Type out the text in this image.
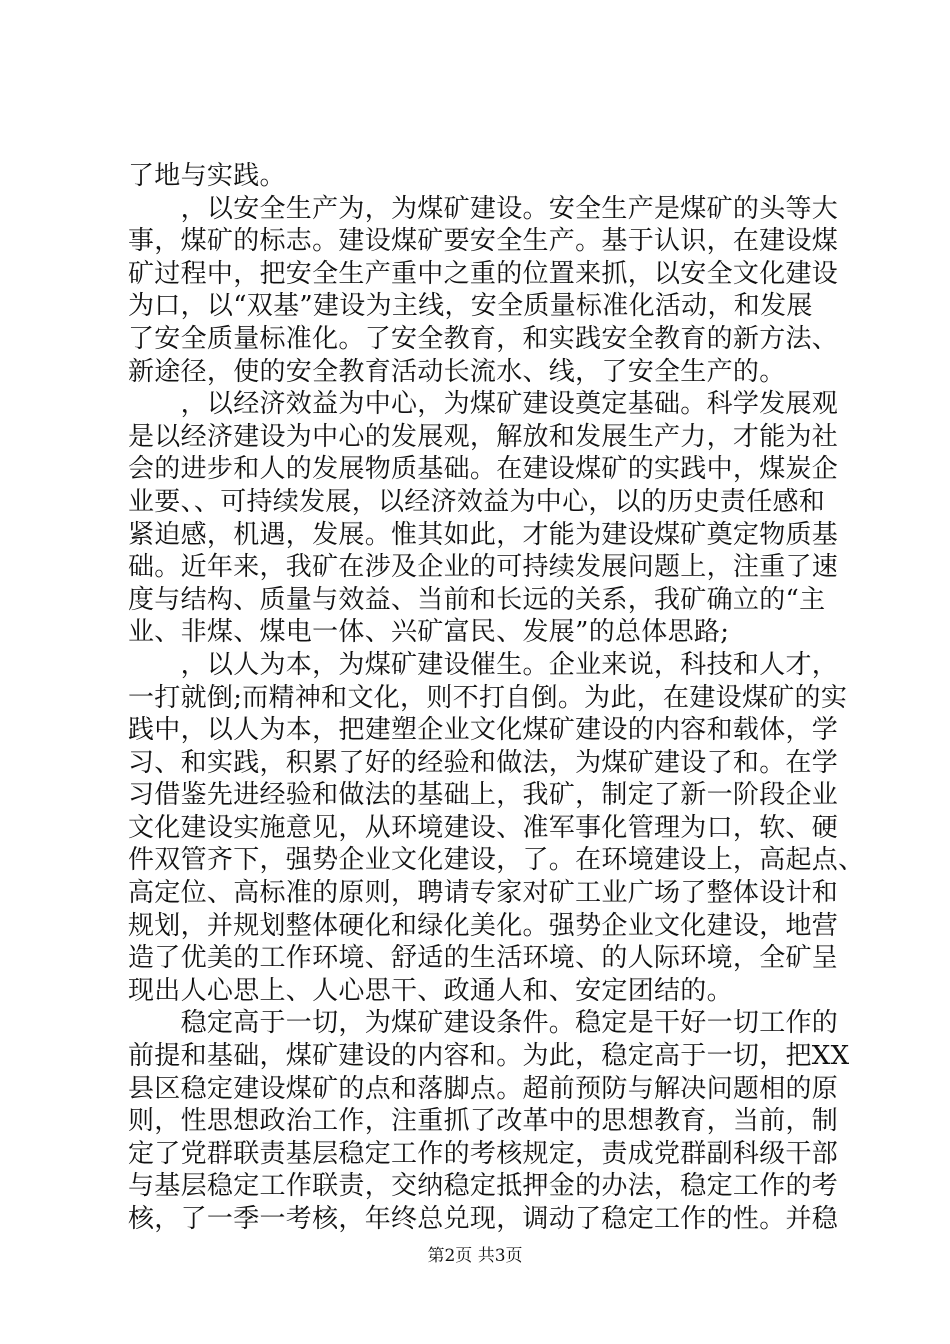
了地与实践。
　　，以安全生产为，为煤矿建设。安全生产是煤矿的头等大
事，煤矿的标志。建设煤矿要安全生产。基于认识，在建设煤
矿过程中，把安全生产重中之重的位置来抓，以安全文化建设
为口，以“双基”建设为主线，安全质量标准化活动，和发展
了安全质量标准化。了安全教育，和实践安全教育的新方法、
新途径，使的安全教育活动长流水、线，了安全生产的。
　　，以经济效益为中心，为煤矿建设奠定基础。科学发展观
是以经济建设为中心的发展观，解放和发展生产力，才能为社
会的进步和人的发展物质基础。在建设煤矿的实践中，煤炭企
业要、、可持续发展，以经济效益为中心，以的历史责任感和
紧迫感，机遇，发展。惟其如此，才能为建设煤矿奠定物质基
础。近年来，我矿在涉及企业的可持续发展问题上，注重了速
度与结构、质量与效益、当前和长远的关系，我矿确立的“主
业、非煤、煤电一体、兴矿富民、发展”的总体思路;
　　，以人为本，为煤矿建设催生。企业来说，科技和人才，
一打就倒;而精神和文化，则不打自倒。为此，在建设煤矿的实
践中，以人为本，把建塑企业文化煤矿建设的内容和载体，学
习、和实践，积累了好的经验和做法，为煤矿建设了和。在学
习借鉴先进经验和做法的基础上，我矿，制定了新一阶段企业
文化建设实施意见，从环境建设、准军事化管理为口，软、硬
件双管齐下，强势企业文化建设，了。在环境建设上，高起点、
高定位、高标准的原则，聘请专家对矿工业广场了整体设计和
规划，并规划整体硬化和绿化美化。强势企业文化建设，地营
造了优美的工作环境、舒适的生活环境、的人际环境，全矿呈
现出人心思上、人心思干、政通人和、安定团结的。
　　稳定高于一切，为煤矿建设条件。稳定是干好一切工作的
前提和基础，煤矿建设的内容和。为此，稳定高于一切，把XX
县区稳定建设煤矿的点和落脚点。超前预防与解决问题相的原
则，性思想政治工作，注重抓了改革中的思想教育，当前，制
定了党群联责基层稳定工作的考核规定，责成党群副科级干部
与基层稳定工作联责，交纳稳定抵押金的办法，稳定工作的考
核，了一季一考核，年终总兑现，调动了稳定工作的性。并稳
第2页 共3页
